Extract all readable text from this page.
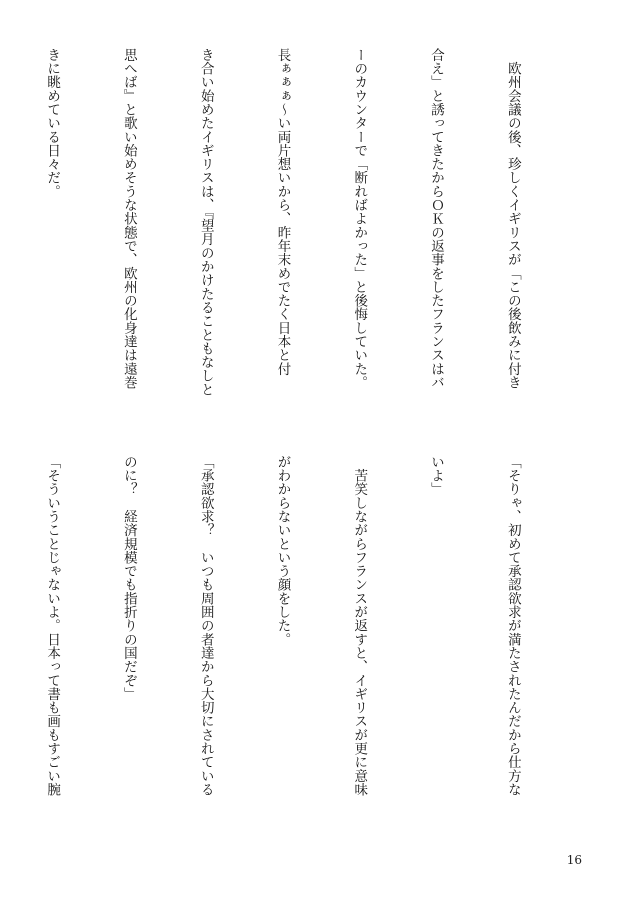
　欧州会議の後、珍しくイギリスが「この後飲みに付き

合え」と誘ってきたからＯＫの返事をしたフランスはバ

ーのカウンターで「断ればよかった」と後悔していた。

長ぁぁぁ〜い両片想いから、昨年末めでたく日本と付

き合い始めたイギリスは、『望月のかけたることもなしと

思へば』と歌い始めそうな状態で、欧州の化身達は遠巻

きに眺めている日々だ。

「そりゃ、初めて承認欲求が満たされたんだから仕方な

いよ」

　苦笑しながらフランスが返すと、イギリスが更に意味

がわからないという顔をした。

「承認欲求？　いつも周囲の者達から大切にされている

のに？　経済規模でも指折りの国だぞ」

「そういうことじゃないよ。日本って書も画もすごい腕

16
